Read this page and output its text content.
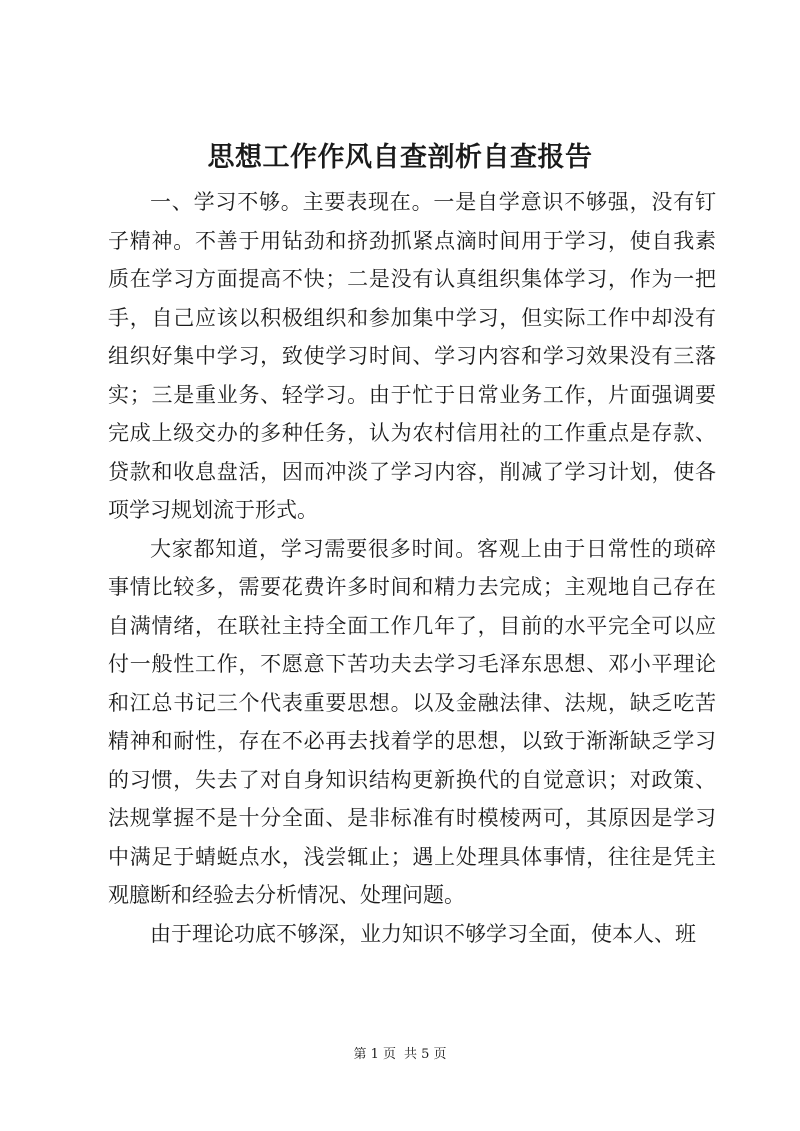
思想工作作风自查剖析自查报告

一、学习不够。主要表现在。一是自学意识不够强，没有钉子精神。不善于用钻劲和挤劲抓紧点滴时间用于学习，使自我素质在学习方面提高不快；二是没有认真组织集体学习，作为一把手，自己应该以积极组织和参加集中学习，但实际工作中却没有组织好集中学习，致使学习时间、学习内容和学习效果没有三落实；三是重业务、轻学习。由于忙于日常业务工作，片面强调要完成上级交办的多种任务，认为农村信用社的工作重点是存款、贷款和收息盘活，因而冲淡了学习内容，削减了学习计划，使各项学习规划流于形式。

大家都知道，学习需要很多时间。客观上由于日常性的琐碎事情比较多，需要花费许多时间和精力去完成；主观地自己存在自满情绪，在联社主持全面工作几年了，目前的水平完全可以应付一般性工作，不愿意下苦功夫去学习毛泽东思想、邓小平理论和江总书记三个代表重要思想。以及金融法律、法规，缺乏吃苦精神和耐性，存在不必再去找着学的思想，以致于渐渐缺乏学习的习惯，失去了对自身知识结构更新换代的自觉意识；对政策、法规掌握不是十分全面、是非标准有时模棱两可，其原因是学习中满足于蜻蜓点水，浅尝辄止；遇上处理具体事情，往往是凭主观臆断和经验去分析情况、处理问题。

由于理论功底不够深，业力知识不够学习全面，使本人、班

第 1 页 共 5 页
